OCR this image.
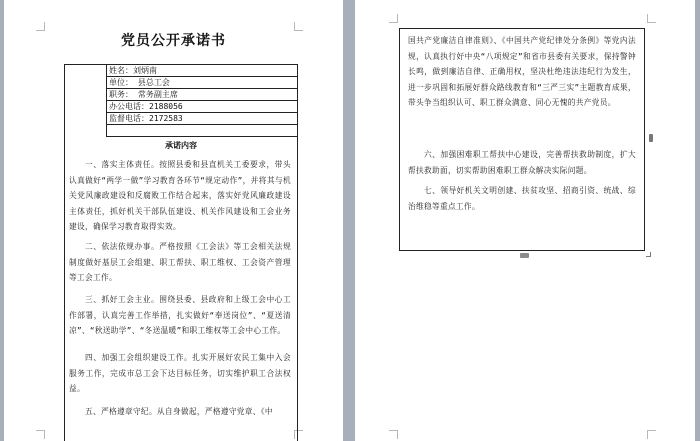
党员公开承诺书
姓名：刘炳南
单位： 县总工会
职务： 常务副主席
办公电话：2188056
监督电话：2172583
承诺内容
一、落实主体责任。按照县委和县直机关工委要求，带头认真做好“两学一做”学习教育各环节“规定动作”，并将其与机关党风廉政建设和反腐败工作结合起来，落实好党风廉政建设主体责任，抓好机关干部队伍建设、机关作风建设和工会业务建设，确保学习教育取得实效。
二、依法依规办事。严格按照《工会法》等工会相关法规制度做好基层工会组建、职工帮扶、职工维权、工会资产管理等工会工作。
三、抓好工会主业。围绕县委、县政府和上级工会中心工作部署，认真完善工作举措，扎实做好“奉送岗位”、“夏送清凉”、“秋送助学”、“冬送温暖”和职工维权等工会中心工作。
四、加强工会组织建设工作。扎实开展好农民工集中入会服务工作，完成市总工会下达目标任务，切实维护职工合法权益。
五、严格遵章守纪。从自身做起，严格遵守党章、《中
国共产党廉洁自律准则》、《中国共产党纪律处分条例》等党内法规，认真执行好中央“八项规定”和省市县委有关要求，保持警钟长鸣，做到廉洁自律、正确用权，坚决杜绝违法违纪行为发生，进一步巩固和拓展好群众路线教育和“三严三实”主题教育成果，带头争当组织认可、职工群众满意、同心无愧的共产党员。
六、加强困难职工帮扶中心建设，完善帮扶救助制度，扩大帮扶救助面，切实帮助困难职工群众解决实际问题。
七、领导好机关文明创建、扶贫攻坚、招商引资、统战、综治维稳等重点工作。
